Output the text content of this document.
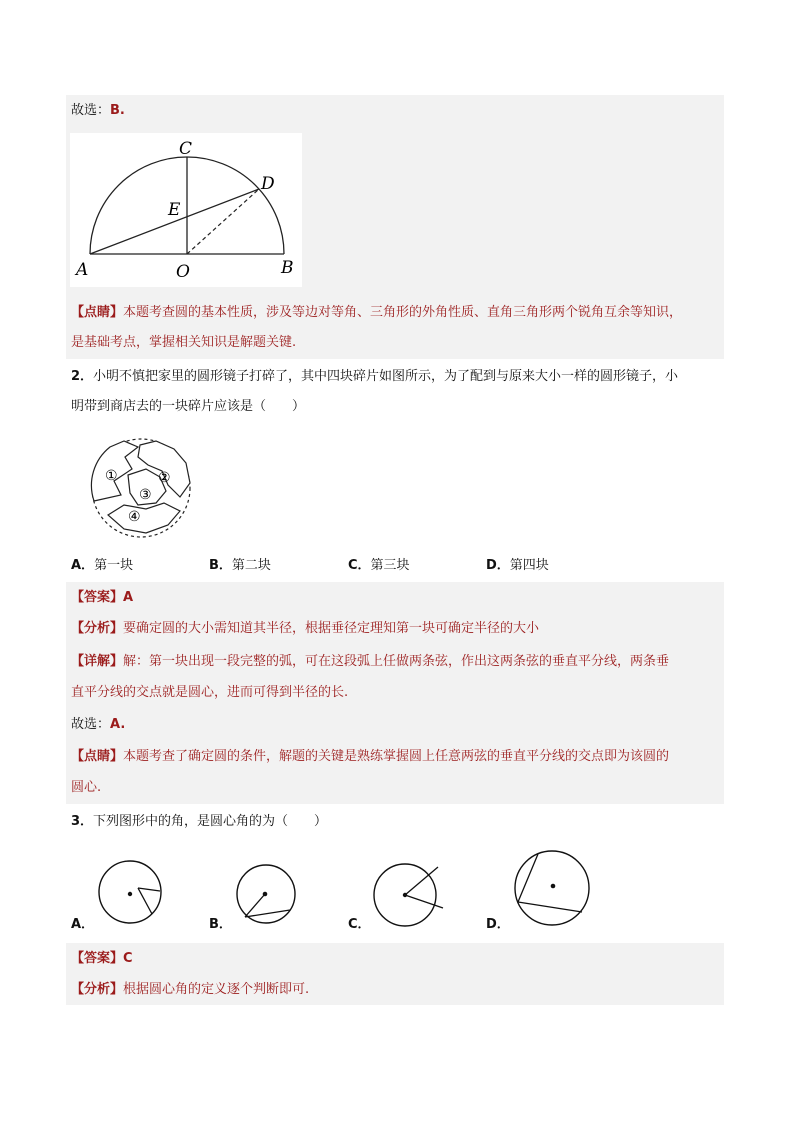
故选：B.
C
D
E
A	O	B
【点睛】本题考查圆的基本性质，涉及等边对等角、三角形的外角性质、直角三角形两个锐角互余等知识，
是基础考点，掌握相关知识是解题关键.
2．小明不慎把家里的圆形镜子打碎了，其中四块碎片如图所示，为了配到与原来大小一样的圆形镜子，小
明带到商店去的一块碎片应该是（　　）
①	②
③
④
A．第一块	B．第二块	C．第三块	D．第四块
【答案】A
【分析】要确定圆的大小需知道其半径，根据垂径定理知第一块可确定半径的大小
【详解】解：第一块出现一段完整的弧，可在这段弧上任做两条弦，作出这两条弦的垂直平分线，两条垂
直平分线的交点就是圆心，进而可得到半径的长.
故选：A.
【点睛】本题考查了确定圆的条件，解题的关键是熟练掌握圆上任意两弦的垂直平分线的交点即为该圆的
圆心.
3．下列图形中的角，是圆心角的为（　　）
A．	B．	C．	D．
【答案】C
【分析】根据圆心角的定义逐个判断即可.
